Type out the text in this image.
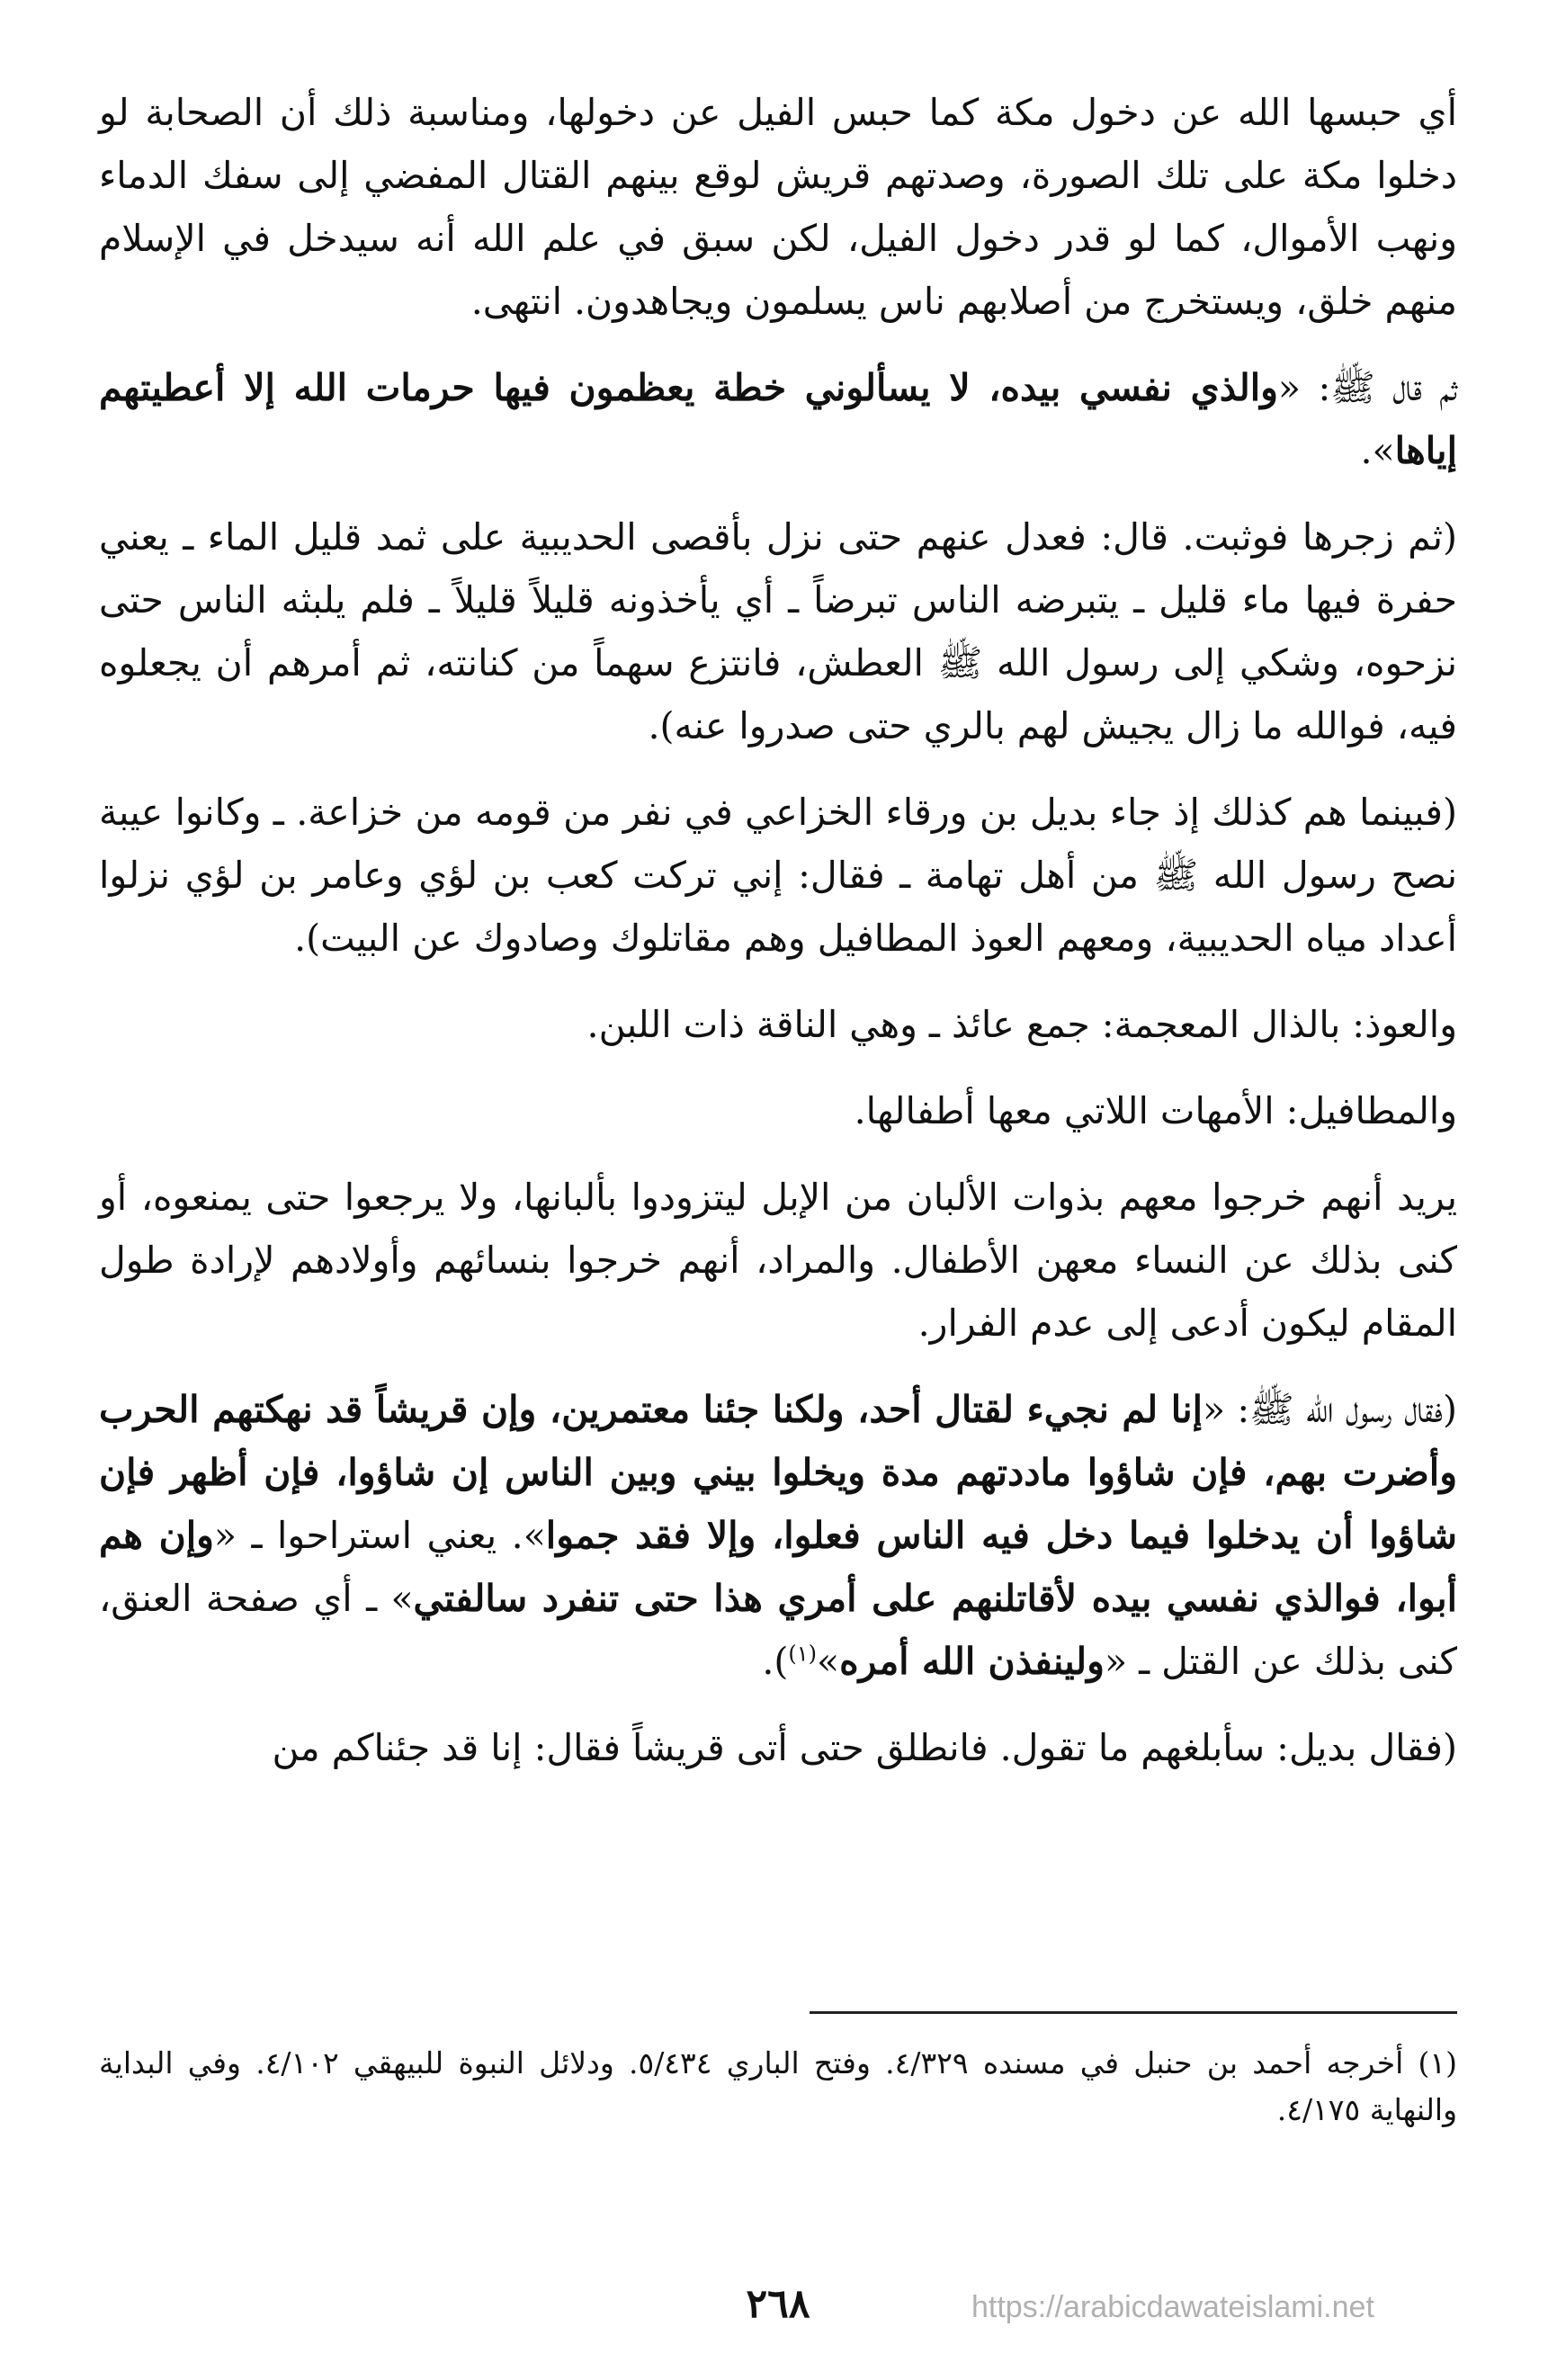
أي حبسها الله عن دخول مكة كما حبس الفيل عن دخولها، ومناسبة ذلك أن الصحابة لو دخلوا مكة على تلك الصورة، وصدتهم قريش لوقع بينهم القتال المفضي إلى سفك الدماء ونهب الأموال، كما لو قدر دخول الفيل، لكن سبق في علم الله أنه سيدخل في الإسلام منهم خلق، ويستخرج من أصلابهم ناس يسلمون ويجاهدون. انتهى.

ثم قال ﷺ: «والذي نفسي بيده، لا يسألوني خطة يعظمون فيها حرمات الله إلا أعطيتهم إياها».

(ثم زجرها فوثبت. قال: فعدل عنهم حتى نزل بأقصى الحديبية على ثمد قليل الماء ـ يعني حفرة فيها ماء قليل ـ يتبرضه الناس تبرضاً ـ أي يأخذونه قليلاً قليلاً ـ فلم يلبثه الناس حتى نزحوه، وشكي إلى رسول الله ﷺ العطش، فانتزع سهماً من كنانته، ثم أمرهم أن يجعلوه فيه، فوالله ما زال يجيش لهم بالري حتى صدروا عنه).

(فبينما هم كذلك إذ جاء بديل بن ورقاء الخزاعي في نفر من قومه من خزاعة. ـ وكانوا عيبة نصح رسول الله ﷺ من أهل تهامة ـ فقال: إني تركت كعب بن لؤي وعامر بن لؤي نزلوا أعداد مياه الحديبية، ومعهم العوذ المطافيل وهم مقاتلوك وصادوك عن البيت).

والعوذ: بالذال المعجمة: جمع عائذ ـ وهي الناقة ذات اللبن.

والمطافيل: الأمهات اللاتي معها أطفالها.

يريد أنهم خرجوا معهم بذوات الألبان من الإبل ليتزودوا بألبانها، ولا يرجعوا حتى يمنعوه، أو كنى بذلك عن النساء معهن الأطفال. والمراد، أنهم خرجوا بنسائهم وأولادهم لإرادة طول المقام ليكون أدعى إلى عدم الفرار.

(فقال رسول الله ﷺ: «إنا لم نجيء لقتال أحد، ولكنا جئنا معتمرين، وإن قريشاً قد نهكتهم الحرب وأضرت بهم، فإن شاؤوا ماددتهم مدة ويخلوا بيني وبين الناس إن شاؤوا، فإن أظهر فإن شاؤوا أن يدخلوا فيما دخل فيه الناس فعلوا، وإلا فقد جموا». يعني استراحوا ـ «وإن هم أبوا، فوالذي نفسي بيده لأقاتلنهم على أمري هذا حتى تنفرد سالفتي» ـ أي صفحة العنق، كنى بذلك عن القتل ـ «ولينفذن الله أمره»$^{(١)}$).

(فقال بديل: سأبلغهم ما تقول. فانطلق حتى أتى قريشاً فقال: إنا قد جئناكم من

(١) أخرجه أحمد بن حنبل في مسنده ٤/٣٢٩. وفتح الباري ٥/٤٣٤. ودلائل النبوة للبيهقي ٤/١٠٢. وفي البداية والنهاية ٤/١٧٥.

٢٦٨	https://arabicdawateislami.net
